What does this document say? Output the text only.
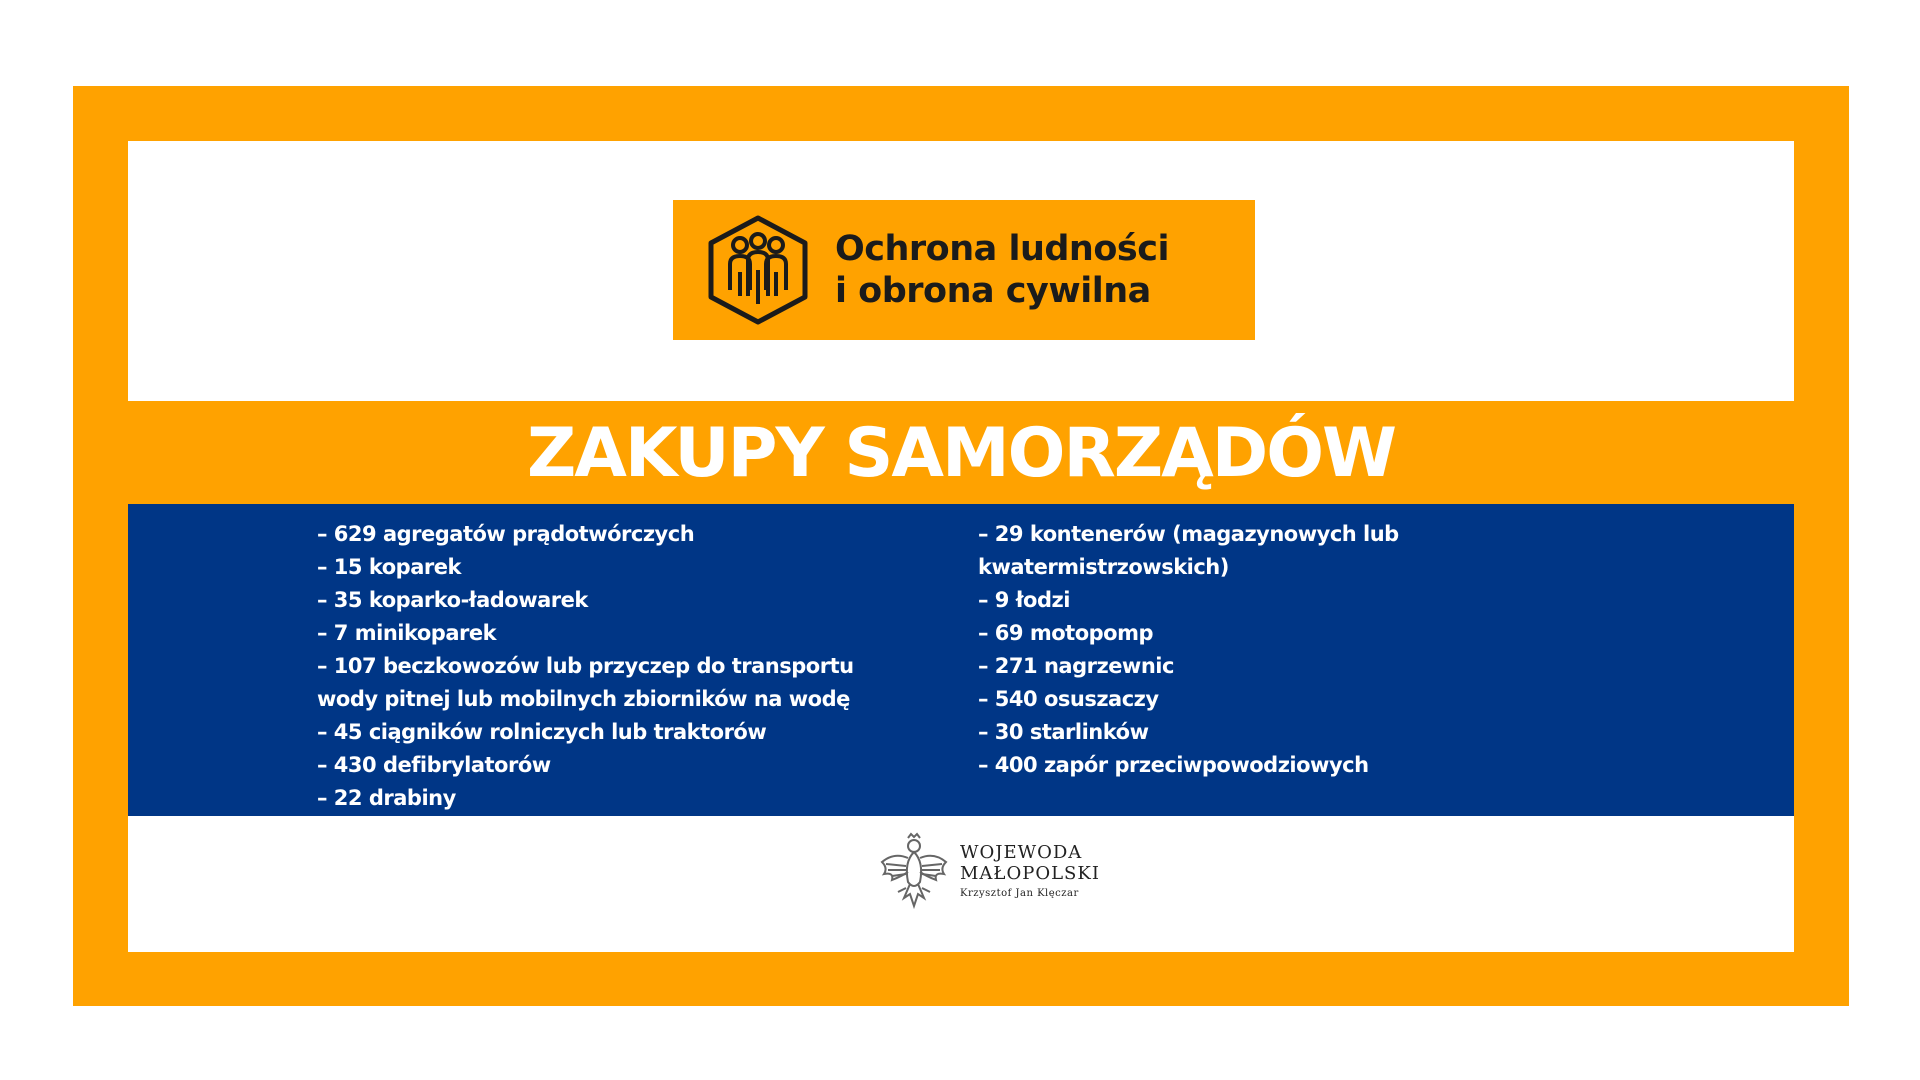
Ochrona ludności
i obrona cywilna
ZAKUPY SAMORZĄDÓW
– 629 agregatów prądotwórczych
– 15 koparek
– 35 koparko-ładowarek
– 7 minikoparek
– 107 beczkowozów lub przyczep do transportu wody pitnej lub mobilnych zbiorników na wodę
– 45 ciągników rolniczych lub traktorów
– 430 defibrylatorów
– 22 drabiny
– 29 kontenerów (magazynowych lub kwatermistrzowskich)
– 9 łodzi
– 69 motopomp
– 271 nagrzewnic
– 540 osuszaczy
– 30 starlinków
– 400 zapór przeciwpowodziowych
WOJEWODA
MAŁOPOLSKI
Krzysztof Jan Klęczar
